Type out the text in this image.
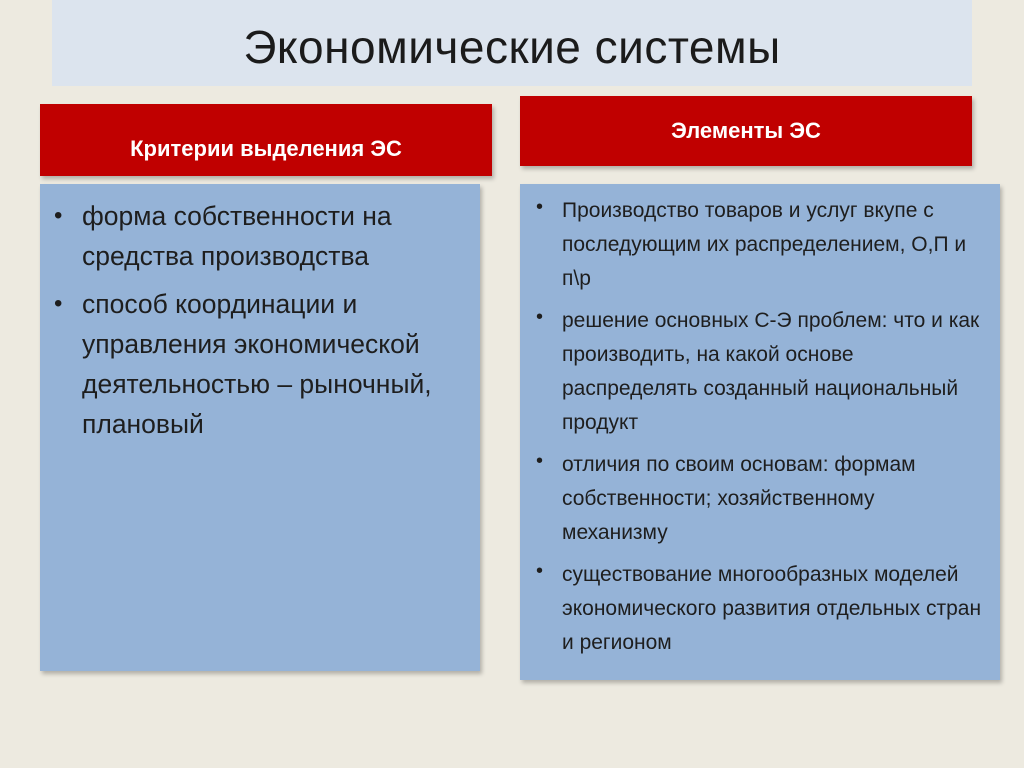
Экономические системы
Критерии выделения ЭС
Элементы ЭС
• форма собственности на средства производства
• способ координации и управления экономической деятельностью – рыночный, плановый
• Производство товаров и услуг вкупе с последующим их распределением, О,П и п\р
• решение основных С-Э проблем: что и как производить, на какой основе распределять созданный национальный продукт
• отличия по своим основам: формам собственности; хозяйственному механизму
• существование многообразных моделей экономического развития отдельных стран и регионом
